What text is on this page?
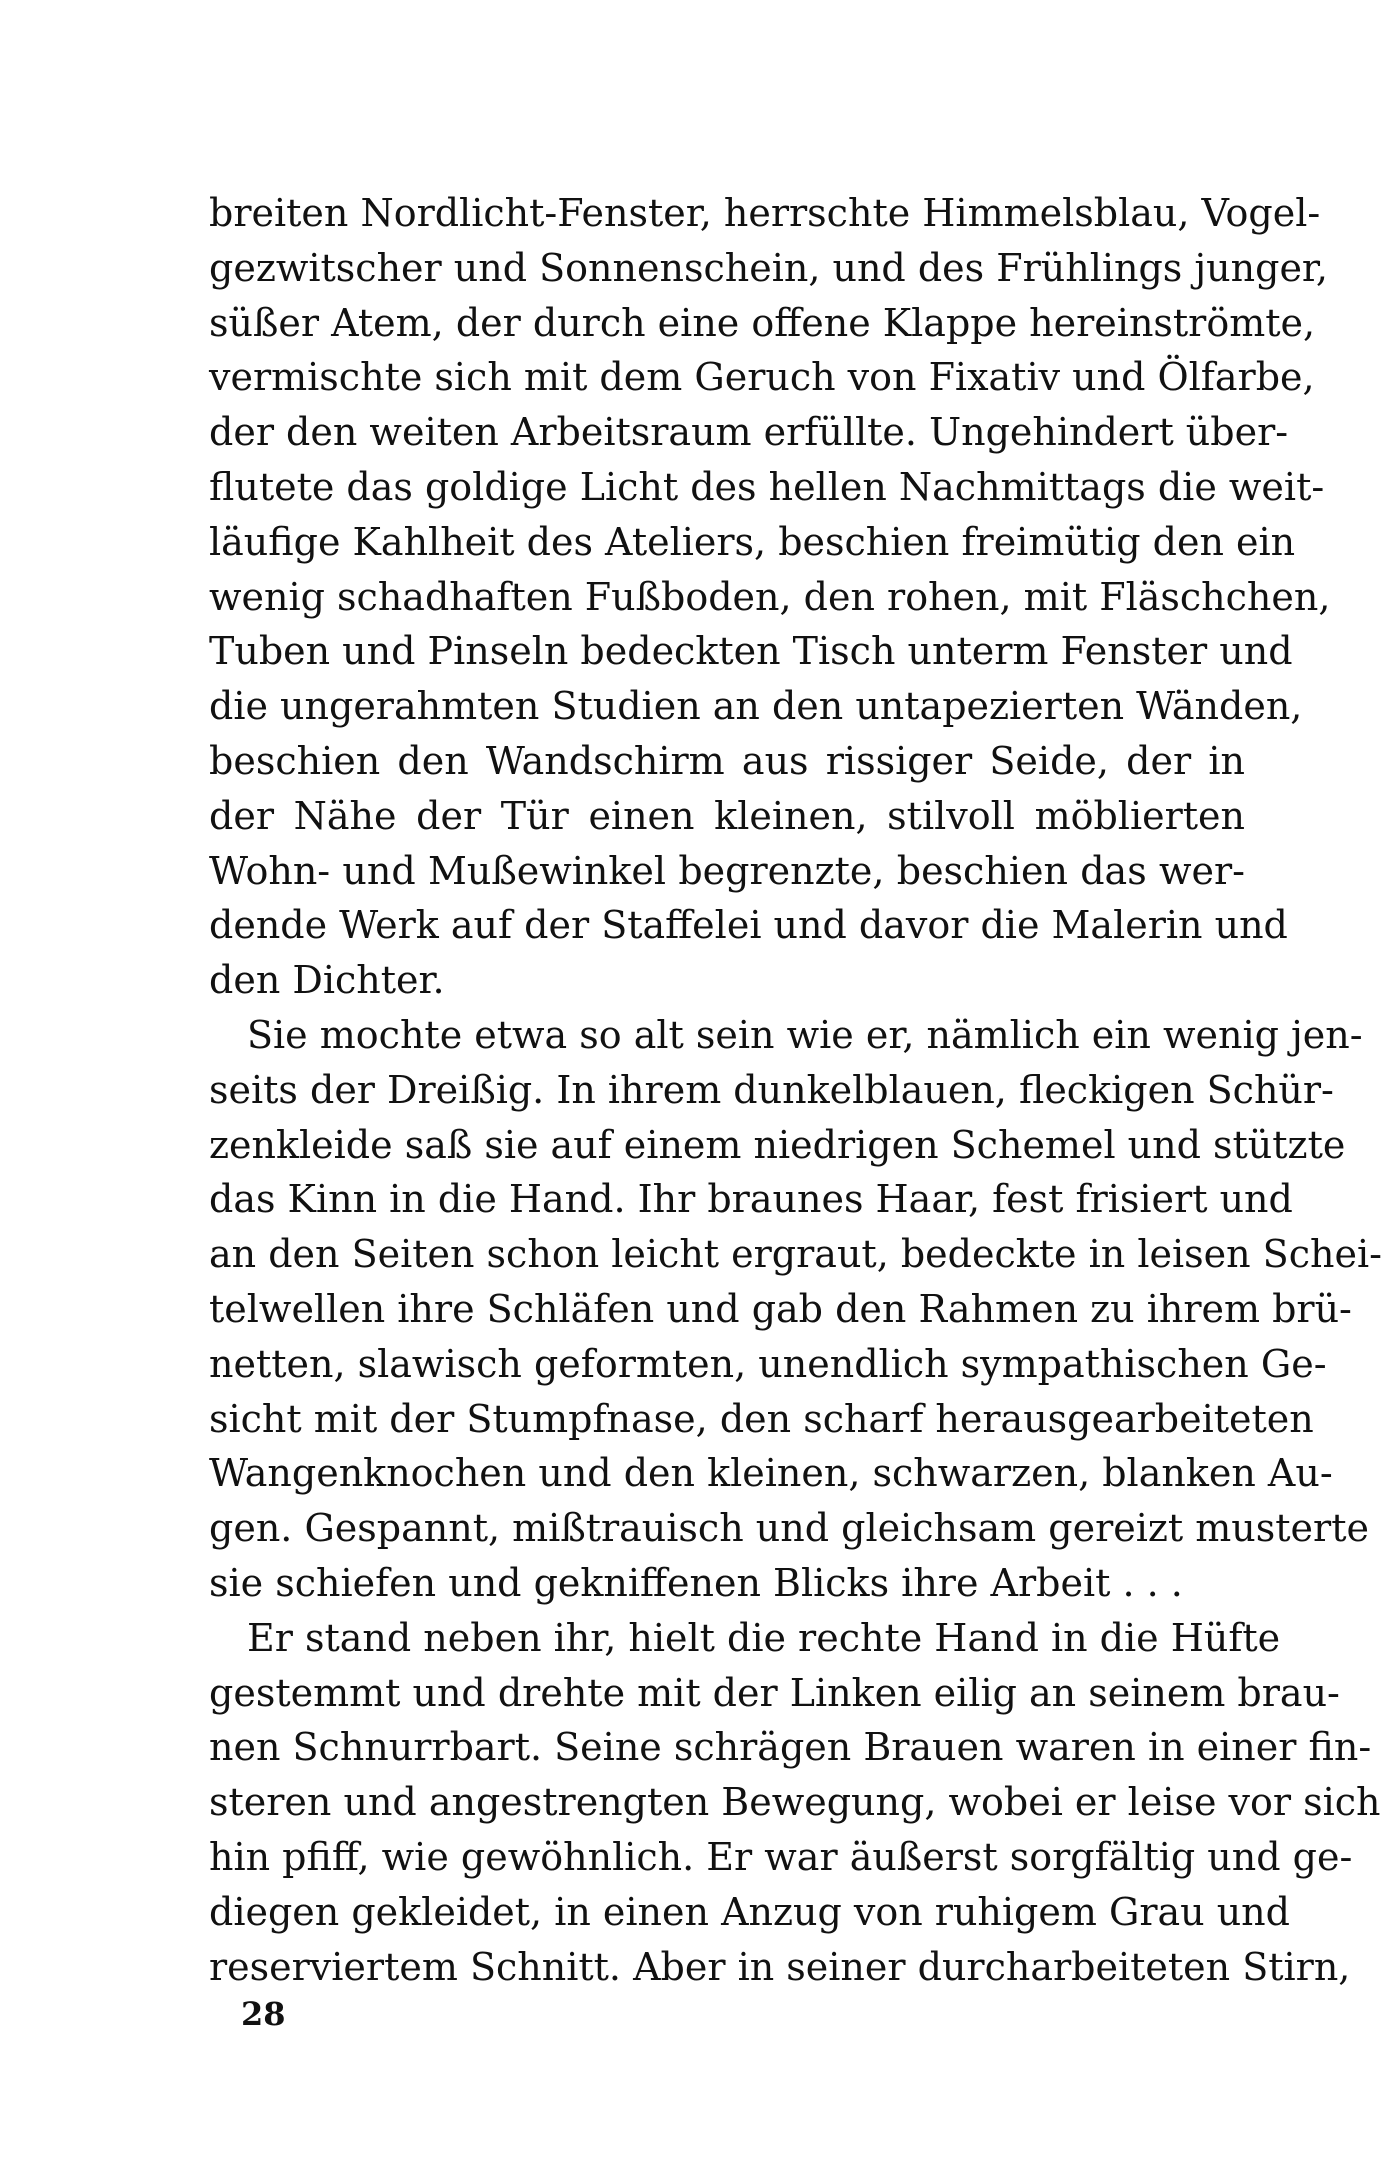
breiten Nordlicht-Fenster, herrschte Himmelsblau, Vogel-
gezwitscher und Sonnenschein, und des Frühlings junger,
süßer Atem, der durch eine offene Klappe hereinströmte,
vermischte sich mit dem Geruch von Fixativ und Ölfarbe,
der den weiten Arbeitsraum erfüllte. Ungehindert über-
flutete das goldige Licht des hellen Nachmittags die weit-
läufige Kahlheit des Ateliers, beschien freimütig den ein
wenig schadhaften Fußboden, den rohen, mit Fläschchen,
Tuben und Pinseln bedeckten Tisch unterm Fenster und
die ungerahmten Studien an den untapezierten Wänden,
beschien den Wandschirm aus rissiger Seide, der in
der Nähe der Tür einen kleinen, stilvoll möblierten
Wohn- und Mußewinkel begrenzte, beschien das wer-
dende Werk auf der Staffelei und davor die Malerin und
den Dichter.
Sie mochte etwa so alt sein wie er, nämlich ein wenig jen-
seits der Dreißig. In ihrem dunkelblauen, fleckigen Schür-
zenkleide saß sie auf einem niedrigen Schemel und stützte
das Kinn in die Hand. Ihr braunes Haar, fest frisiert und
an den Seiten schon leicht ergraut, bedeckte in leisen Schei-
telwellen ihre Schläfen und gab den Rahmen zu ihrem brü-
netten, slawisch geformten, unendlich sympathischen Ge-
sicht mit der Stumpfnase, den scharf herausgearbeiteten
Wangenknochen und den kleinen, schwarzen, blanken Au-
gen. Gespannt, mißtrauisch und gleichsam gereizt musterte
sie schiefen und gekniffenen Blicks ihre Arbeit . . .
Er stand neben ihr, hielt die rechte Hand in die Hüfte
gestemmt und drehte mit der Linken eilig an seinem brau-
nen Schnurrbart. Seine schrägen Brauen waren in einer fin-
steren und angestrengten Bewegung, wobei er leise vor sich
hin pfiff, wie gewöhnlich. Er war äußerst sorgfältig und ge-
diegen gekleidet, in einen Anzug von ruhigem Grau und
reserviertem Schnitt. Aber in seiner durcharbeiteten Stirn,
28
